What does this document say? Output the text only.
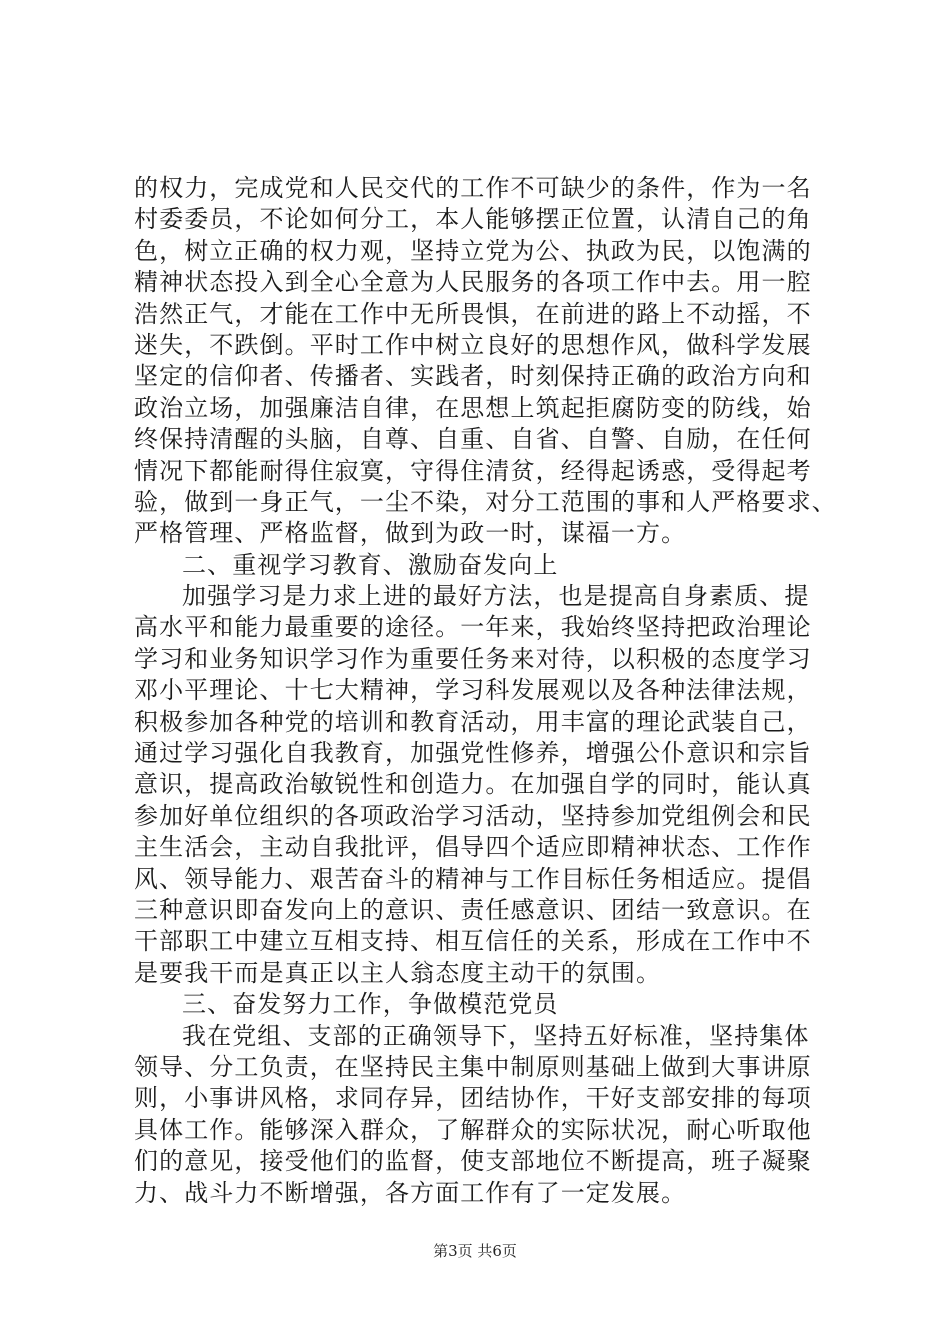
的权力，完成党和人民交代的工作不可缺少的条件，作为一名
村委委员，不论如何分工，本人能够摆正位置，认清自己的角
色，树立正确的权力观，坚持立党为公、执政为民，以饱满的
精神状态投入到全心全意为人民服务的各项工作中去。用一腔
浩然正气，才能在工作中无所畏惧，在前进的路上不动摇，不
迷失，不跌倒。平时工作中树立良好的思想作风，做科学发展
坚定的信仰者、传播者、实践者，时刻保持正确的政治方向和
政治立场，加强廉洁自律，在思想上筑起拒腐防变的防线，始
终保持清醒的头脑，自尊、自重、自省、自警、自励，在任何
情况下都能耐得住寂寞，守得住清贫，经得起诱惑，受得起考
验，做到一身正气，一尘不染，对分工范围的事和人严格要求、
严格管理、严格监督，做到为政一时，谋福一方。
二、重视学习教育、激励奋发向上
加强学习是力求上进的最好方法，也是提高自身素质、提
高水平和能力最重要的途径。一年来，我始终坚持把政治理论
学习和业务知识学习作为重要任务来对待，以积极的态度学习
邓小平理论、十七大精神，学习科发展观以及各种法律法规，
积极参加各种党的培训和教育活动，用丰富的理论武装自己，
通过学习强化自我教育，加强党性修养，增强公仆意识和宗旨
意识，提高政治敏锐性和创造力。在加强自学的同时，能认真
参加好单位组织的各项政治学习活动，坚持参加党组例会和民
主生活会，主动自我批评，倡导四个适应即精神状态、工作作
风、领导能力、艰苦奋斗的精神与工作目标任务相适应。提倡
三种意识即奋发向上的意识、责任感意识、团结一致意识。在
干部职工中建立互相支持、相互信任的关系，形成在工作中不
是要我干而是真正以主人翁态度主动干的氛围。
三、奋发努力工作，争做模范党员
我在党组、支部的正确领导下，坚持五好标准，坚持集体
领导、分工负责，在坚持民主集中制原则基础上做到大事讲原
则，小事讲风格，求同存异，团结协作，干好支部安排的每项
具体工作。能够深入群众，了解群众的实际状况，耐心听取他
们的意见，接受他们的监督，使支部地位不断提高，班子凝聚
力、战斗力不断增强，各方面工作有了一定发展。
第3页 共6页
